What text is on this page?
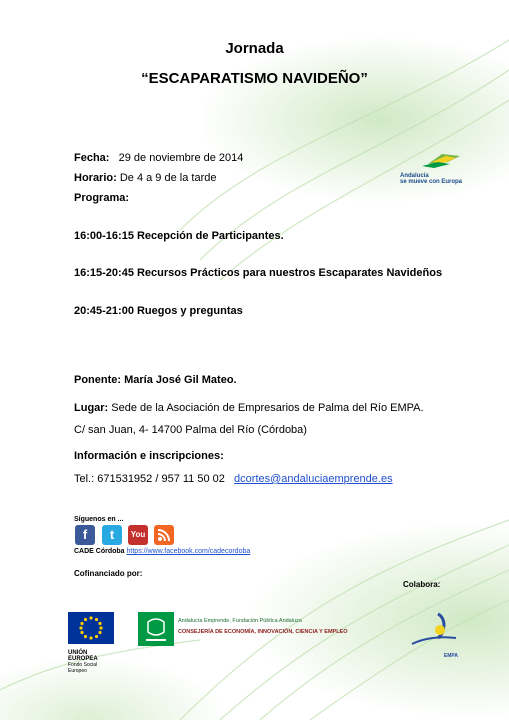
Jornada
“ESCAPARATISMO NAVIDEÑO”
Fecha: 29 de noviembre de 2014
Horario: De 4 a 9 de la tarde
Programa:
16:00-16:15 Recepción de Participantes.
16:15-20:45 Recursos Prácticos para nuestros Escaparates Navideños
20:45-21:00 Ruegos y preguntas
Ponente: María José Gil Mateo.
Lugar: Sede de la Asociación de Empresarios de Palma del Río EMPA.
C/ san Juan, 4- 14700 Palma del Río (Córdoba)
Información e inscripciones:
Tel.: 671531952 / 957 11 50 02 dcortes@andaluciaemprende.es
Síguenos en ...
f	t	You

CADE Córdoba https://www.facebook.com/cadecordoba
Cofinanciado por:
Colabora:
Andalucía
se mueve con Europa
UNIÓN EUROPEA
Fondo Social Europeo
Andalucía Emprende, Fundación Pública Andaluza
CONSEJERÍA DE ECONOMÍA, INNOVACIÓN, CIENCIA Y EMPLEO
EMPA
